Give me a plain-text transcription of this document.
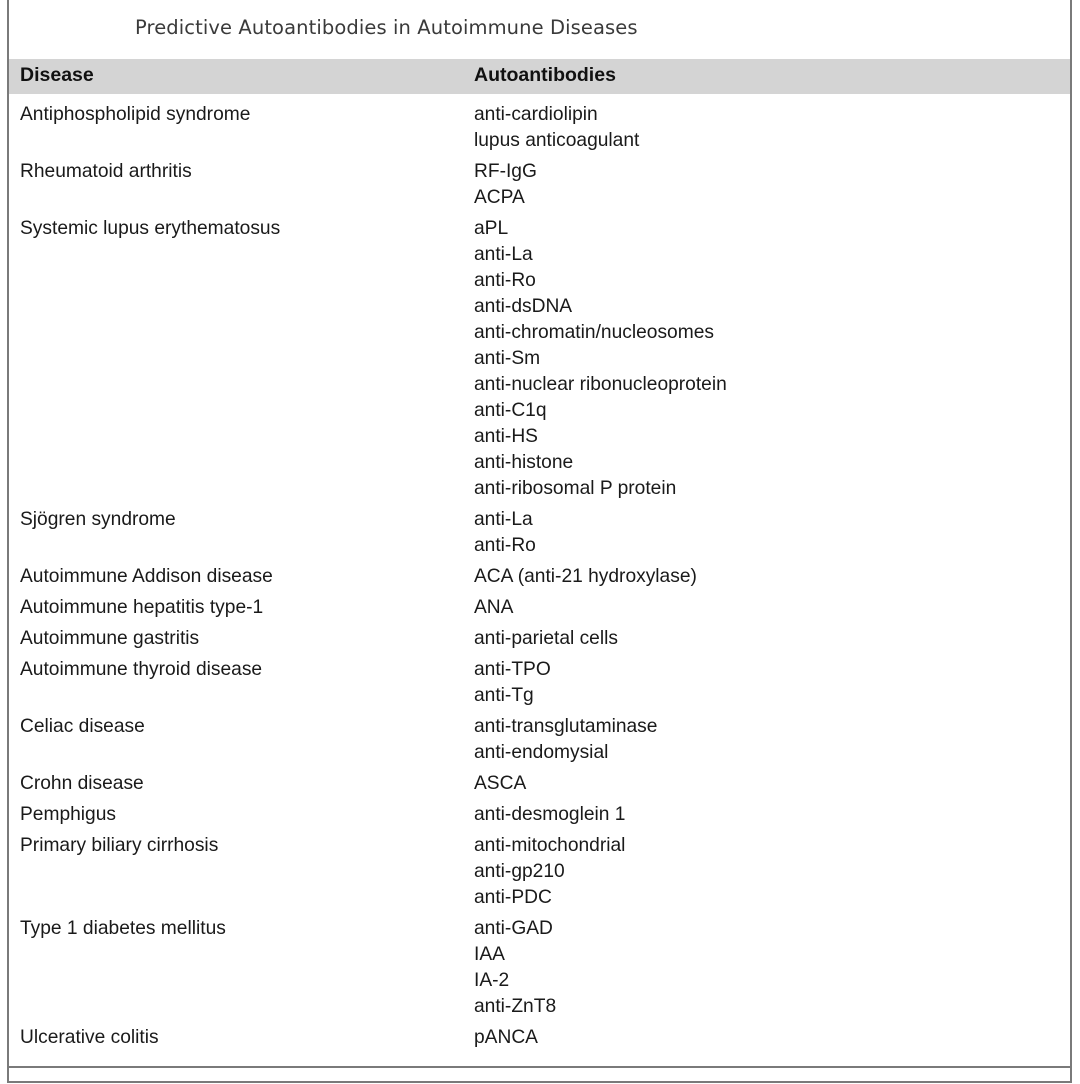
Predictive Autoantibodies in Autoimmune Diseases
Disease	Autoantibodies
Antiphospholipid syndrome	anti-cardiolipin
lupus anticoagulant
Rheumatoid arthritis	RF-IgG
ACPA
Systemic lupus erythematosus	aPL
anti-La
anti-Ro
anti-dsDNA
anti-chromatin/nucleosomes
anti-Sm
anti-nuclear ribonucleoprotein
anti-C1q
anti-HS
anti-histone
anti-ribosomal P protein
Sjögren syndrome	anti-La
anti-Ro
Autoimmune Addison disease	ACA (anti-21 hydroxylase)
Autoimmune hepatitis type-1	ANA
Autoimmune gastritis	anti-parietal cells
Autoimmune thyroid disease	anti-TPO
anti-Tg
Celiac disease	anti-transglutaminase
anti-endomysial
Crohn disease	ASCA
Pemphigus	anti-desmoglein 1
Primary biliary cirrhosis	anti-mitochondrial
anti-gp210
anti-PDC
Type 1 diabetes mellitus	anti-GAD
IAA
IA-2
anti-ZnT8
Ulcerative colitis	pANCA
